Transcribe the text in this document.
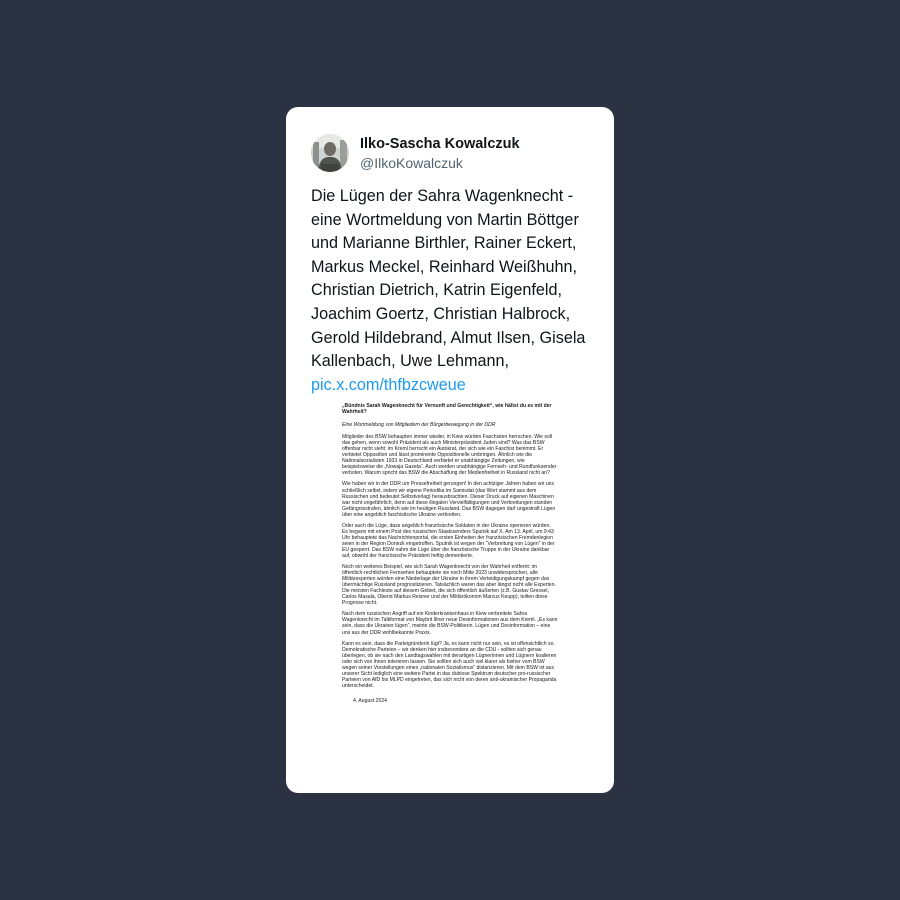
Ilko-Sascha Kowalczuk
@IlkoKowalczuk
Die Lügen der Sahra Wagenknecht - eine Wortmeldung von Martin Böttger und Marianne Birthler, Rainer Eckert, Markus Meckel, Reinhard Weißhuhn, Christian Dietrich, Katrin Eigenfeld, Joachim Goertz, Christian Halbrock, Gerold Hildebrand, Almut Ilsen, Gisela Kallenbach, Uwe Lehmann,
pic.x.com/thfbzcweue

„Bündnis Sarah Wagenknecht für Vernunft und Gerechtigkeit“, wie hältst du es mit der Wahrheit?

Eine Wortmeldung von Mitgliedern der Bürgerbewegung in der DDR

Mitglieder des BSW behaupten immer wieder, in Kiew würden Faschisten herrschen. Wie soll das gehen, wenn sowohl Präsident als auch Ministerpräsident Juden sind? Was das BSW offenbar nicht sieht: im Kreml herrscht ein Autokrat, der sich wie ein Faschist benimmt. Er verbietet Opposition und lässt prominente Oppositionelle umbringen. Ähnlich wie die Nationalsozialisten 1933 in Deutschland verbietet er unabhängige Zeitungen, wie beispielsweise die „Nowaja Gazeta“. Auch werden unabhängige Fernseh- und Rundfunksender verboten. Warum spricht das BSW die Abschaffung der Medienfreiheit in Russland nicht an?

Wie haben wir in der DDR um Pressefreiheit gerungen! In den achtziger Jahren haben wir uns schließlich selbst, indem wir eigene Periodika im Samisdat (das Wort stammt aus dem Russischen und bedeutet Selbstverlag) herausbrachten. Dieser Druck auf eigenen Maschinen war nicht ungefährlich, denn auf diese illegalen Vervielfältigungen und Verbreitungen standen Gefängnisstrafen, ähnlich wie im heutigen Russland. Das BSW dagegen darf ungestraft Lügen über eine angeblich faschistische Ukraine verbreiten.

Oder auch die Lüge, dass angeblich französische Soldaten in der Ukraine operieren würden. Es begann mit einem Post des russischen Staatssenders Sputnik auf X. Am 13. April, um 9:43 Uhr behauptete das Nachrichtenportal, die ersten Einheiten der französischen Fremdenlegion seien in der Region Donezk eingetroffen. Sputnik ist wegen der “Verbreitung von Lügen” in der EU gesperrt. Das BSW nahm die Lüge über die französische Truppe in der Ukraine dankbar auf, obwohl der französische Präsident heftig dementierte.

Noch ein weiteres Beispiel, wie sich Sarah Wagenknecht von der Wahrheit entfernt: im öffentlich-rechtlichen Fernsehen behauptete sie noch Mitte 2023 unwidersprochen, alle Militärexperten würden eine Niederlage der Ukraine in ihrem Verteidigungskampf gegen das übermächtige Russland prognostizieren. Tatsächlich waren das aber längst nicht alle Experten. Die meisten Fachleute auf diesem Gebiet, die sich öffentlich äußerten (z.B. Gustav Gressel, Carlos Masala, Oberst Markus Reisner und der Militärökonom Marcus Keupp), teilten diese Prognose nicht.

Nach dem russischen Angriff auf ein Kinderkrankenhaus in Kiew verbreitete Sahra Wagenknecht im Talkformat von Maybrit Illner neue Desinformationen aus dem Kreml. „Es kann sein, dass die Ukrainer lügen“, meinte die BSW-Politikerin. Lügen und Desinformation – eine uns aus der DDR wohlbekannte Praxis.

Kann es sein, dass die Parteigründerin lügt? Ja, es kann nicht nur sein, es ist offensichtlich so. Demokratische Parteien – wir denken hier insbesondere an die CDU - sollten sich genau überlegen, ob sie nach den Landtagswahlen mit derartigen Lügnerinnen und Lügnern koalieren oder sich von ihnen tolerieren lassen. Sie sollten sich auch viel klarer als bisher vom BSW wegen seiner Vorstellungen eines „nationalen Sozialismus“ distanzieren. Mit dem BSW ist aus unserer Sicht lediglich eine weitere Partei in das dubiose Spektrum deutscher pro-russischer Parteien von AfD bis MLPD eingetreten, das sich nicht von deren anti-ukrainischer Propaganda unterscheidet.

4. August 2024
